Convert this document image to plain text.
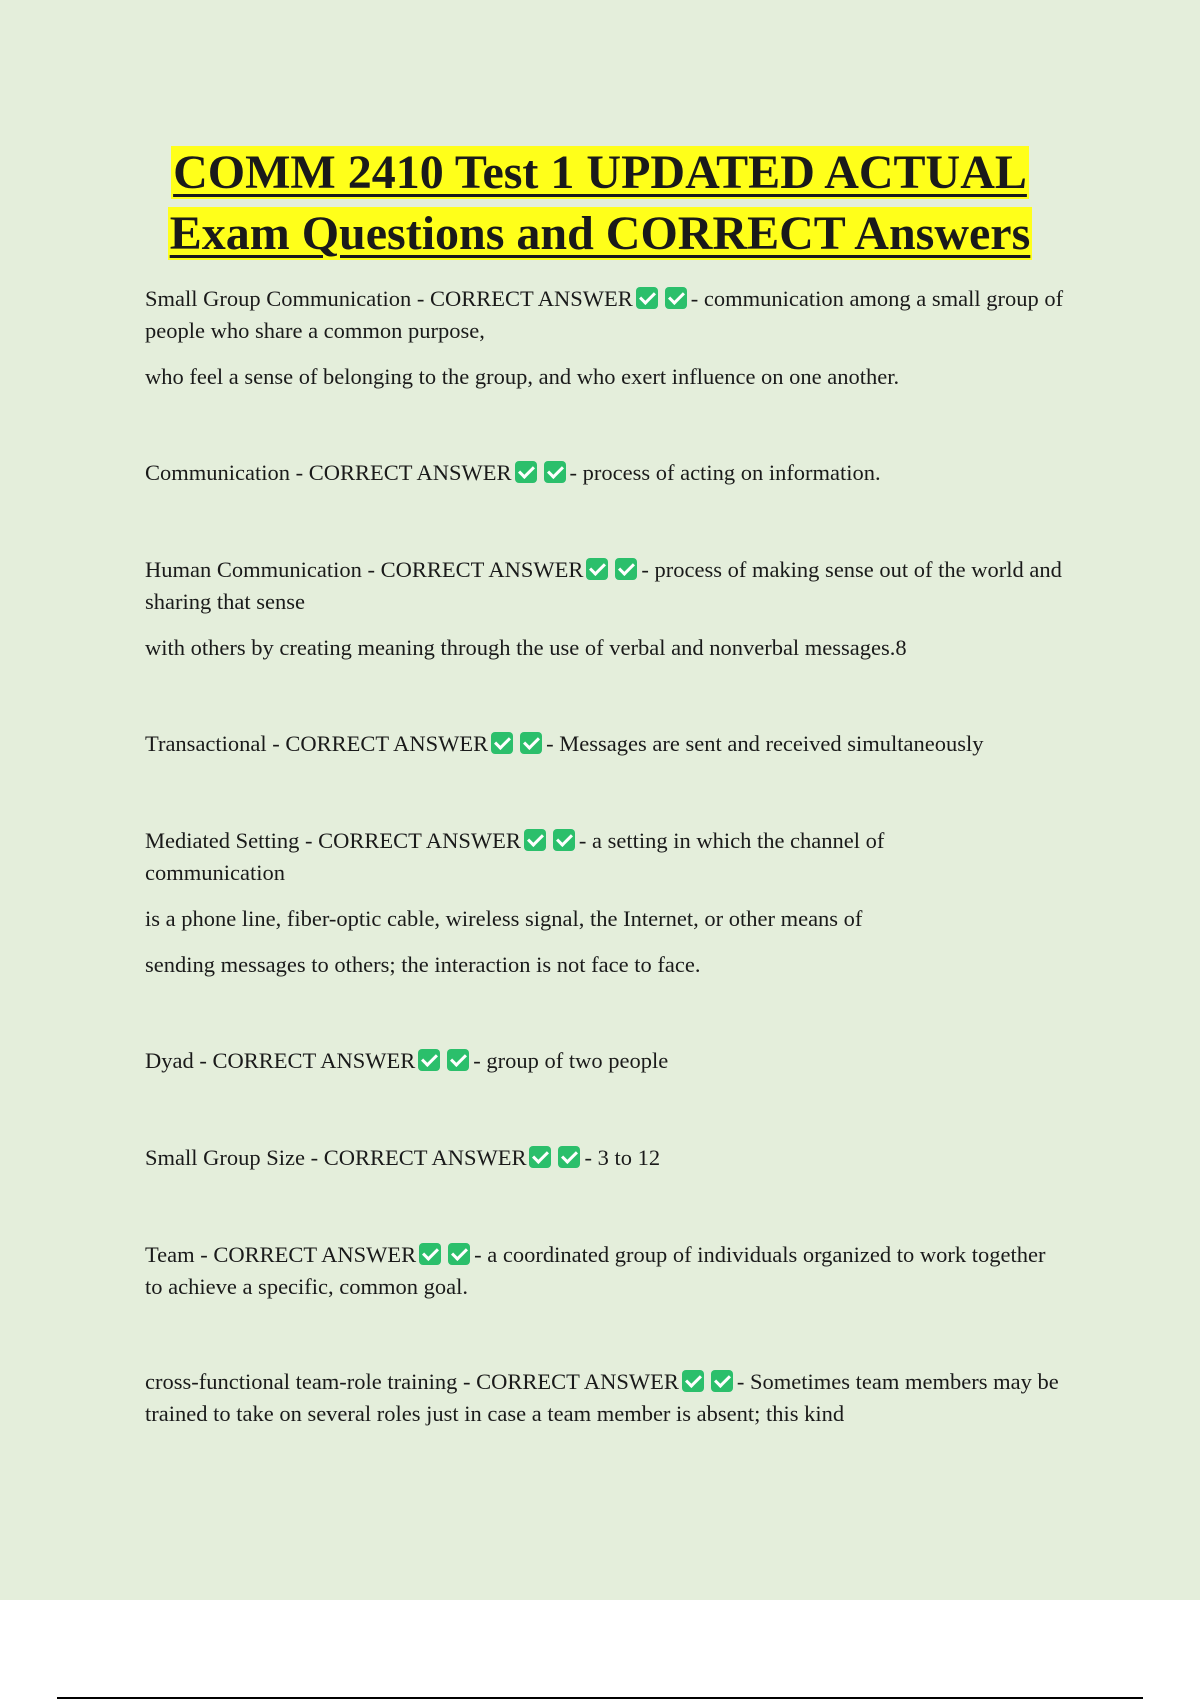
COMM 2410 Test 1 UPDATED ACTUAL
Exam Questions and CORRECT Answers
Small Group Communication - CORRECT ANSWER	- communication among a small group of people who share a common purpose,
who feel a sense of belonging to the group, and who exert influence on one another.
Communication - CORRECT ANSWER	- process of acting on information.
Human Communication - CORRECT ANSWER	- process of making sense out of the world and sharing that sense
with others by creating meaning through the use of verbal and nonverbal messages.8
Transactional - CORRECT ANSWER	- Messages are sent and received simultaneously
Mediated Setting - CORRECT ANSWER	- a setting in which the channel of communication
is a phone line, fiber-optic cable, wireless signal, the Internet, or other means of
sending messages to others; the interaction is not face to face.
Dyad - CORRECT ANSWER	- group of two people
Small Group Size - CORRECT ANSWER	- 3 to 12
Team - CORRECT ANSWER	- a coordinated group of individuals organized to work together to achieve a specific, common goal.
cross-functional team-role training - CORRECT ANSWER	- Sometimes team members may be trained to take on several roles just in case a team member is absent; this kind
